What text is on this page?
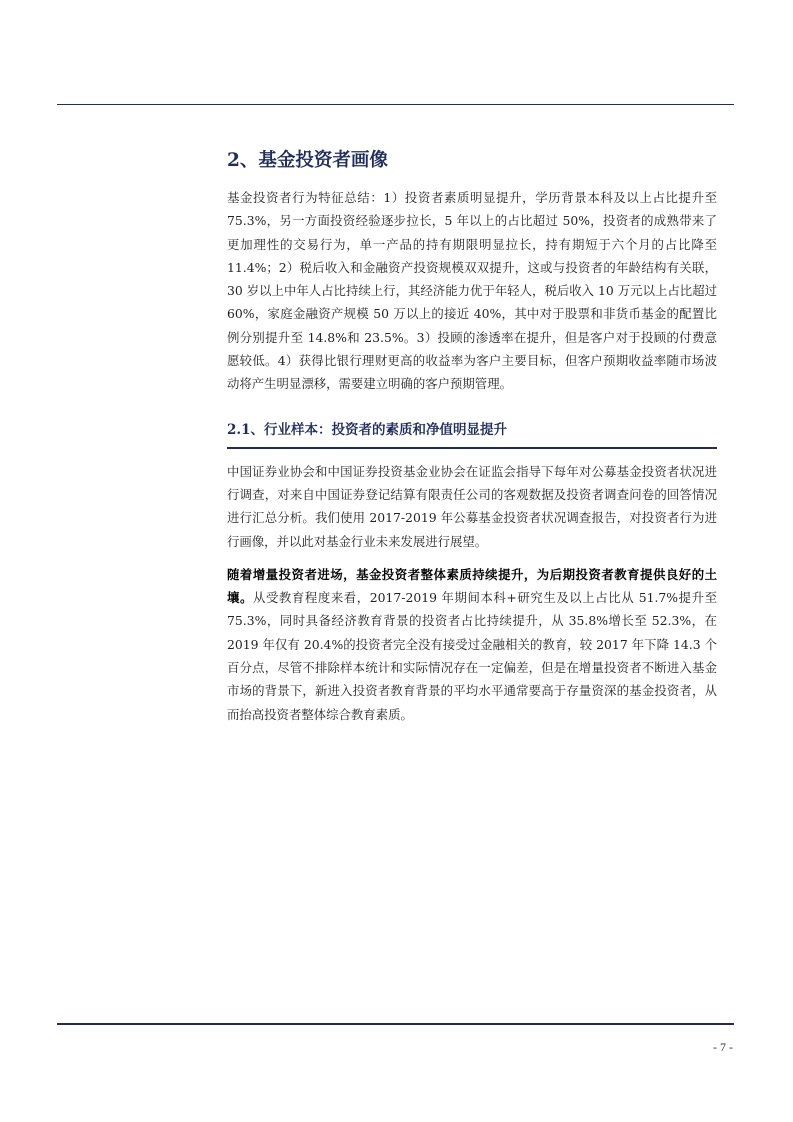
2、基金投资者画像

基金投资者行为特征总结：1）投资者素质明显提升，学历背景本科及以上占比提升至 75.3%，另一方面投资经验逐步拉长，5 年以上的占比超过 50%，投资者的成熟带来了更加理性的交易行为，单一产品的持有期限明显拉长，持有期短于六个月的占比降至 11.4%；2）税后收入和金融资产投资规模双双提升，这或与投资者的年龄结构有关联，30 岁以上中年人占比持续上行，其经济能力优于年轻人，税后收入 10 万元以上占比超过 60%，家庭金融资产规模 50 万以上的接近 40%，其中对于股票和非货币基金的配置比例分别提升至 14.8%和 23.5%。3）投顾的渗透率在提升，但是客户对于投顾的付费意愿较低。4）获得比银行理财更高的收益率为客户主要目标，但客户预期收益率随市场波动将产生明显漂移，需要建立明确的客户预期管理。

2.1、行业样本：投资者的素质和净值明显提升

中国证券业协会和中国证券投资基金业协会在证监会指导下每年对公募基金投资者状况进行调查，对来自中国证券登记结算有限责任公司的客观数据及投资者调查问卷的回答情况进行汇总分析。我们使用 2017-2019 年公募基金投资者状况调查报告，对投资者行为进行画像，并以此对基金行业未来发展进行展望。

随着增量投资者进场，基金投资者整体素质持续提升，为后期投资者教育提供良好的土壤。从受教育程度来看，2017-2019 年期间本科+研究生及以上占比从 51.7%提升至 75.3%，同时具备经济教育背景的投资者占比持续提升，从 35.8%增长至 52.3%，在 2019 年仅有 20.4%的投资者完全没有接受过金融相关的教育，较 2017 年下降 14.3 个百分点，尽管不排除样本统计和实际情况存在一定偏差，但是在增量投资者不断进入基金市场的背景下，新进入投资者教育背景的平均水平通常要高于存量资深的基金投资者，从而抬高投资者整体综合教育素质。

- 7 -
